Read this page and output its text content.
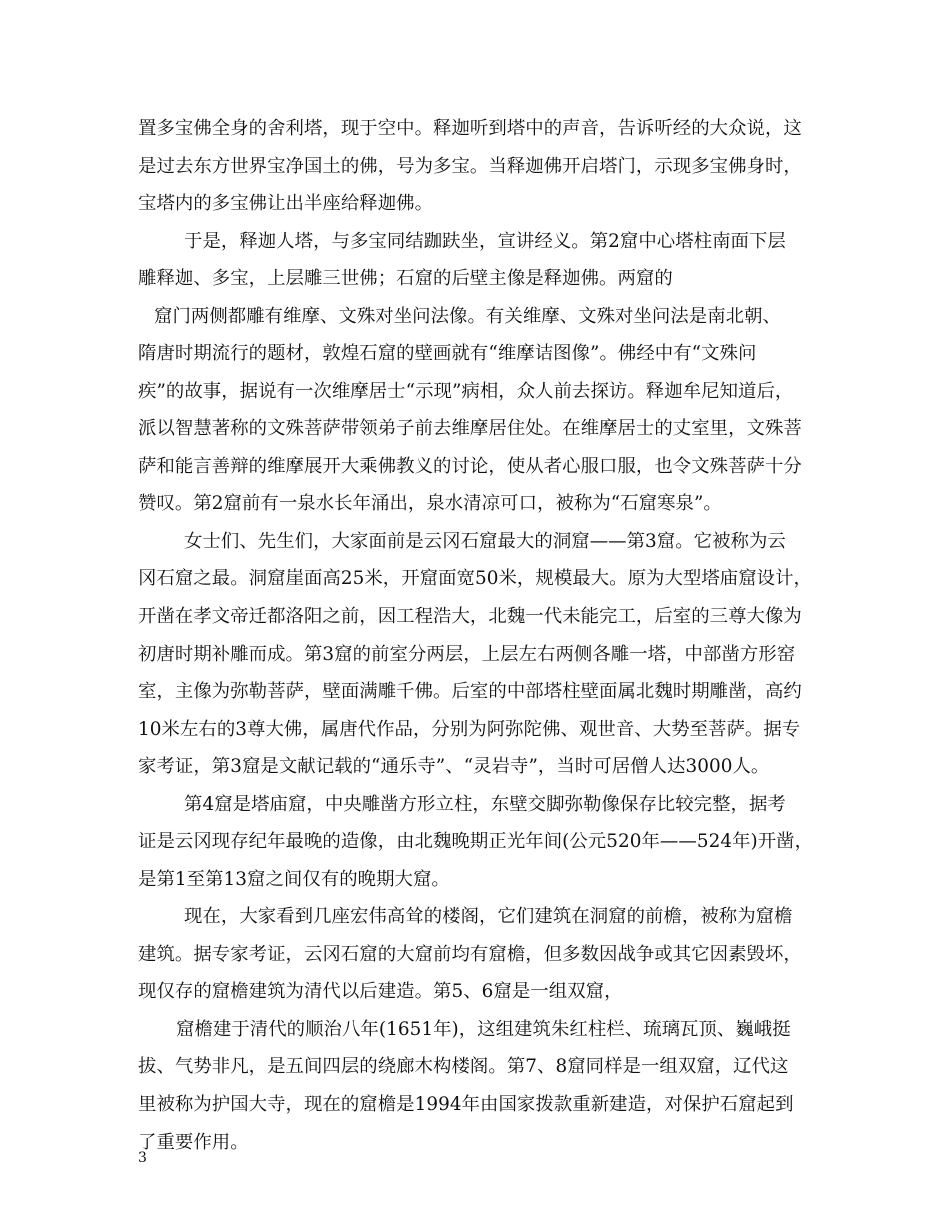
置多宝佛全身的舍利塔，现于空中。释迦听到塔中的声音，告诉听经的大众说，这
是过去东方世界宝净国土的佛，号为多宝。当释迦佛开启塔门，示现多宝佛身时，
宝塔内的多宝佛让出半座给释迦佛。
于是，释迦人塔，与多宝同结跏趺坐，宣讲经义。第2窟中心塔柱南面下层
雕释迦、多宝，上层雕三世佛；石窟的后壁主像是释迦佛。两窟的
窟门两侧都雕有维摩、文殊对坐问法像。有关维摩、文殊对坐问法是南北朝、
隋唐时期流行的题材，敦煌石窟的壁画就有“维摩诘图像”。佛经中有“文殊问
疾”的故事，据说有一次维摩居士“示现”病相，众人前去探访。释迦牟尼知道后，
派以智慧著称的文殊菩萨带领弟子前去维摩居住处。在维摩居士的丈室里，文殊菩
萨和能言善辩的维摩展开大乘佛教义的讨论，使从者心服口服，也令文殊菩萨十分
赞叹。第2窟前有一泉水长年涌出，泉水清凉可口，被称为“石窟寒泉”。
女士们、先生们，大家面前是云冈石窟最大的洞窟——第3窟。它被称为云
冈石窟之最。洞窟崖面高25米，开窟面宽50米，规模最大。原为大型塔庙窟设计，
开凿在孝文帝迁都洛阳之前，因工程浩大，北魏一代未能完工，后室的三尊大像为
初唐时期补雕而成。第3窟的前室分两层，上层左右两侧各雕一塔，中部凿方形窑
室，主像为弥勒菩萨，壁面满雕千佛。后室的中部塔柱壁面属北魏时期雕凿，高约
10米左右的3尊大佛，属唐代作品，分别为阿弥陀佛、观世音、大势至菩萨。据专
家考证，第3窟是文献记载的“通乐寺”、“灵岩寺”，当时可居僧人达3000人。
第4窟是塔庙窟，中央雕凿方形立柱，东壁交脚弥勒像保存比较完整，据考
证是云冈现存纪年最晚的造像，由北魏晚期正光年间(公元520年——524年)开凿，
是第1至第13窟之间仅有的晚期大窟。
现在，大家看到几座宏伟高耸的楼阁，它们建筑在洞窟的前檐，被称为窟檐
建筑。据专家考证，云冈石窟的大窟前均有窟檐，但多数因战争或其它因素毁坏，
现仅存的窟檐建筑为清代以后建造。第5、6窟是一组双窟，
窟檐建于清代的顺治八年(1651年)，这组建筑朱红柱栏、琉璃瓦顶、巍峨挺
拔、气势非凡，是五间四层的绕廊木构楼阁。第7、8窟同样是一组双窟，辽代这
里被称为护国大寺，现在的窟檐是1994年由国家拨款重新建造，对保护石窟起到
了重要作用。
3
